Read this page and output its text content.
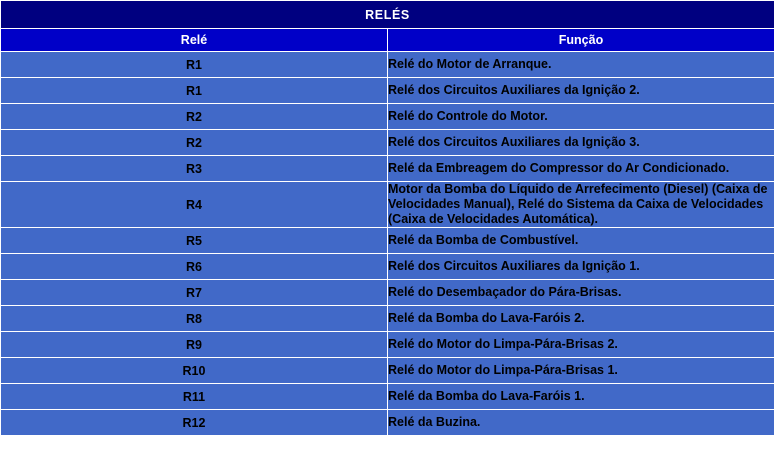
RELÉS	
Relé	Função
R1	Relé do Motor de Arranque.
R1	Relé dos Circuitos Auxiliares da Ignição 2.
R2	Relé do Controle do Motor.
R2	Relé dos Circuitos Auxiliares da Ignição 3.
R3	Relé da Embreagem do Compressor do Ar Condicionado.
R4	Motor da Bomba do Líquido de Arrefecimento (Diesel) (Caixa de Velocidades Manual), Relé do Sistema da Caixa de Velocidades (Caixa de Velocidades Automática).
R5	Relé da Bomba de Combustível.
R6	Relé dos Circuitos Auxiliares da Ignição 1.
R7	Relé do Desembaçador do Pára-Brisas.
R8	Relé da Bomba do Lava-Faróis 2.
R9	Relé do Motor do Limpa-Pára-Brisas 2.
R10	Relé do Motor do Limpa-Pára-Brisas 1.
R11	Relé da Bomba do Lava-Faróis 1.
R12	Relé da Buzina.
